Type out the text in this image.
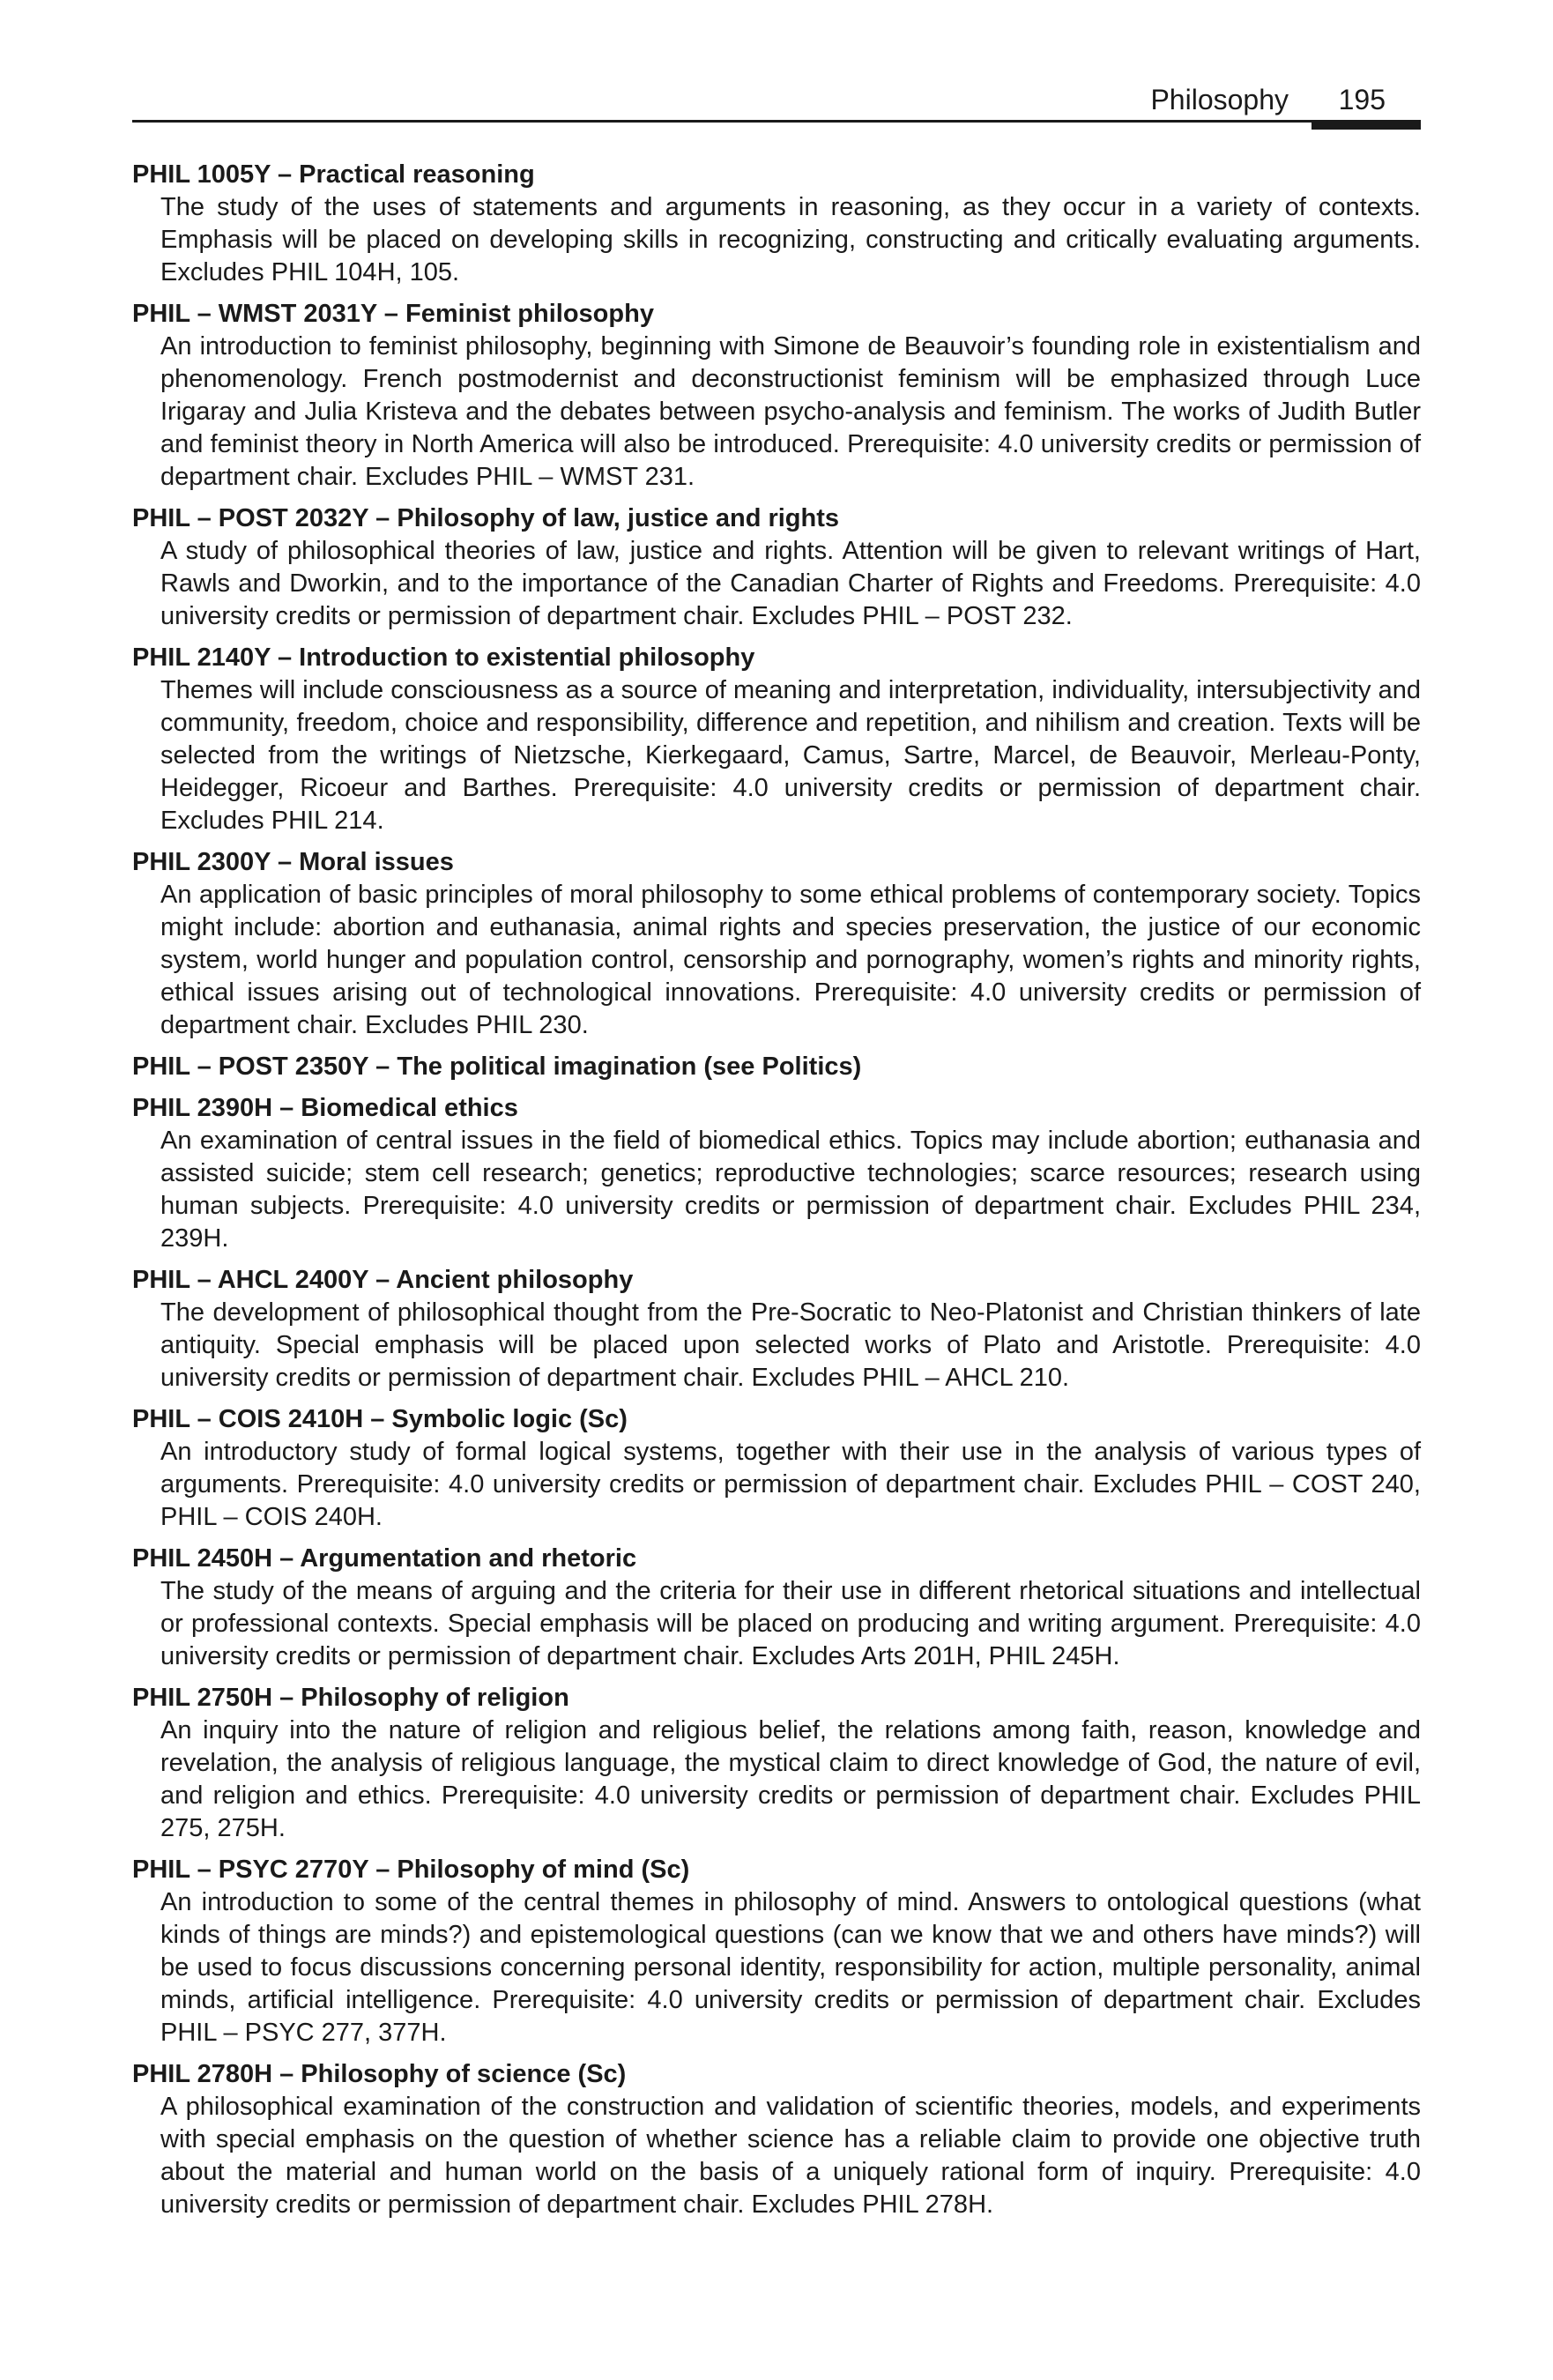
Philosophy 195
PHIL 1005Y – Practical reasoning
The study of the uses of statements and arguments in reasoning, as they occur in a variety of contexts. Emphasis will be placed on developing skills in recognizing, constructing and critically evaluating arguments. Excludes PHIL 104H, 105.
PHIL – WMST 2031Y – Feminist philosophy
An introduction to feminist philosophy, beginning with Simone de Beauvoir’s founding role in existentialism and phenomenology. French postmodernist and deconstructionist feminism will be emphasized through Luce Irigaray and Julia Kristeva and the debates between psycho-analysis and feminism. The works of Judith Butler and feminist theory in North America will also be introduced. Prerequisite: 4.0 university credits or permission of department chair. Excludes PHIL – WMST 231.
PHIL – POST 2032Y – Philosophy of law, justice and rights
A study of philosophical theories of law, justice and rights. Attention will be given to relevant writings of Hart, Rawls and Dworkin, and to the importance of the Canadian Charter of Rights and Freedoms. Prerequisite: 4.0 university credits or permission of department chair. Excludes PHIL – POST 232.
PHIL 2140Y – Introduction to existential philosophy
Themes will include consciousness as a source of meaning and interpretation, individuality, intersubjectivity and community, freedom, choice and responsibility, difference and repetition, and nihilism and creation. Texts will be selected from the writings of Nietzsche, Kierkegaard, Camus, Sartre, Marcel, de Beauvoir, Merleau-Ponty, Heidegger, Ricoeur and Barthes. Prerequisite: 4.0 university credits or permission of department chair. Excludes PHIL 214.
PHIL 2300Y – Moral issues
An application of basic principles of moral philosophy to some ethical problems of contemporary society. Topics might include: abortion and euthanasia, animal rights and species preservation, the justice of our economic system, world hunger and population control, censorship and pornography, women’s rights and minority rights, ethical issues arising out of technological innovations. Prerequisite: 4.0 university credits or permission of department chair. Excludes PHIL 230.
PHIL – POST 2350Y – The political imagination (see Politics)
PHIL 2390H – Biomedical ethics
An examination of central issues in the field of biomedical ethics. Topics may include abortion; euthanasia and assisted suicide; stem cell research; genetics; reproductive technologies; scarce resources; research using human subjects. Prerequisite: 4.0 university credits or permission of department chair. Excludes PHIL 234, 239H.
PHIL – AHCL 2400Y – Ancient philosophy
The development of philosophical thought from the Pre-Socratic to Neo-Platonist and Christian thinkers of late antiquity. Special emphasis will be placed upon selected works of Plato and Aristotle. Prerequisite: 4.0 university credits or permission of department chair. Excludes PHIL – AHCL 210.
PHIL – COIS 2410H – Symbolic logic (Sc)
An introductory study of formal logical systems, together with their use in the analysis of various types of arguments. Prerequisite: 4.0 university credits or permission of department chair. Excludes PHIL – COST 240, PHIL – COIS 240H.
PHIL 2450H – Argumentation and rhetoric
The study of the means of arguing and the criteria for their use in different rhetorical situations and intellectual or professional contexts. Special emphasis will be placed on producing and writing argument. Prerequisite: 4.0 university credits or permission of department chair. Excludes Arts 201H, PHIL 245H.
PHIL 2750H – Philosophy of religion
An inquiry into the nature of religion and religious belief, the relations among faith, reason, knowledge and revelation, the analysis of religious language, the mystical claim to direct knowledge of God, the nature of evil, and religion and ethics. Prerequisite: 4.0 university credits or permission of department chair. Excludes PHIL 275, 275H.
PHIL – PSYC 2770Y – Philosophy of mind (Sc)
An introduction to some of the central themes in philosophy of mind. Answers to ontological questions (what kinds of things are minds?) and epistemological questions (can we know that we and others have minds?) will be used to focus discussions concerning personal identity, responsibility for action, multiple personality, animal minds, artificial intelligence. Prerequisite: 4.0 university credits or permission of department chair. Excludes PHIL – PSYC 277, 377H.
PHIL 2780H – Philosophy of science (Sc)
A philosophical examination of the construction and validation of scientific theories, models, and experiments with special emphasis on the question of whether science has a reliable claim to provide one objective truth about the material and human world on the basis of a uniquely rational form of inquiry. Prerequisite: 4.0 university credits or permission of department chair. Excludes PHIL 278H.
